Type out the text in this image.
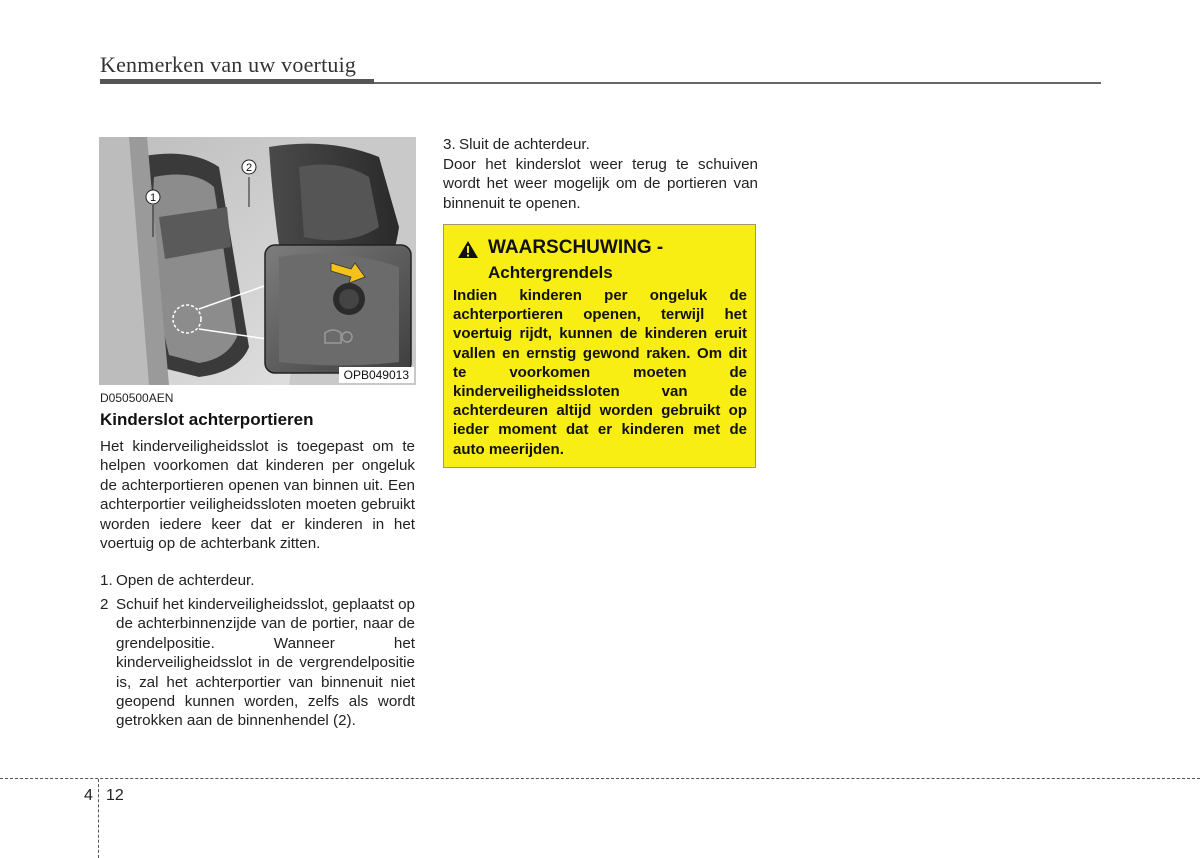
Kenmerken van uw voertuig
2
1
OPB049013
D050500AEN
Kinderslot achterportieren
Het kinderveiligheidsslot is toegepast om te helpen voorkomen dat kinderen per ongeluk de achterportieren openen van binnen uit. Een achterportier veiligheidssloten moeten gebruikt worden iedere keer dat er kinderen in het voertuig op de achterbank zitten.
1. Open de achterdeur.
2 Schuif het kinderveiligheidsslot, geplaatst op de achterbinnenzijde van de portier, naar de grendelpositie. Wanneer het kinderveiligheidsslot in de vergrendelpositie is, zal het achterportier van binnenuit niet geopend kunnen worden, zelfs als wordt getrokken aan de binnenhendel (2).
3. Sluit de achterdeur.
Door het kinderslot weer terug te schuiven wordt het weer mogelijk om de portieren van binnenuit te openen.
WAARSCHUWING -
Achtergrendels
Indien kinderen per ongeluk de achterportieren openen, terwijl het voertuig rijdt, kunnen de kinderen eruit vallen en ernstig gewond raken. Om dit te voorkomen moeten de kinderveiligheidssloten van de achterdeuren altijd worden gebruikt op ieder moment dat er kinderen met de auto meerijden.
4 12
